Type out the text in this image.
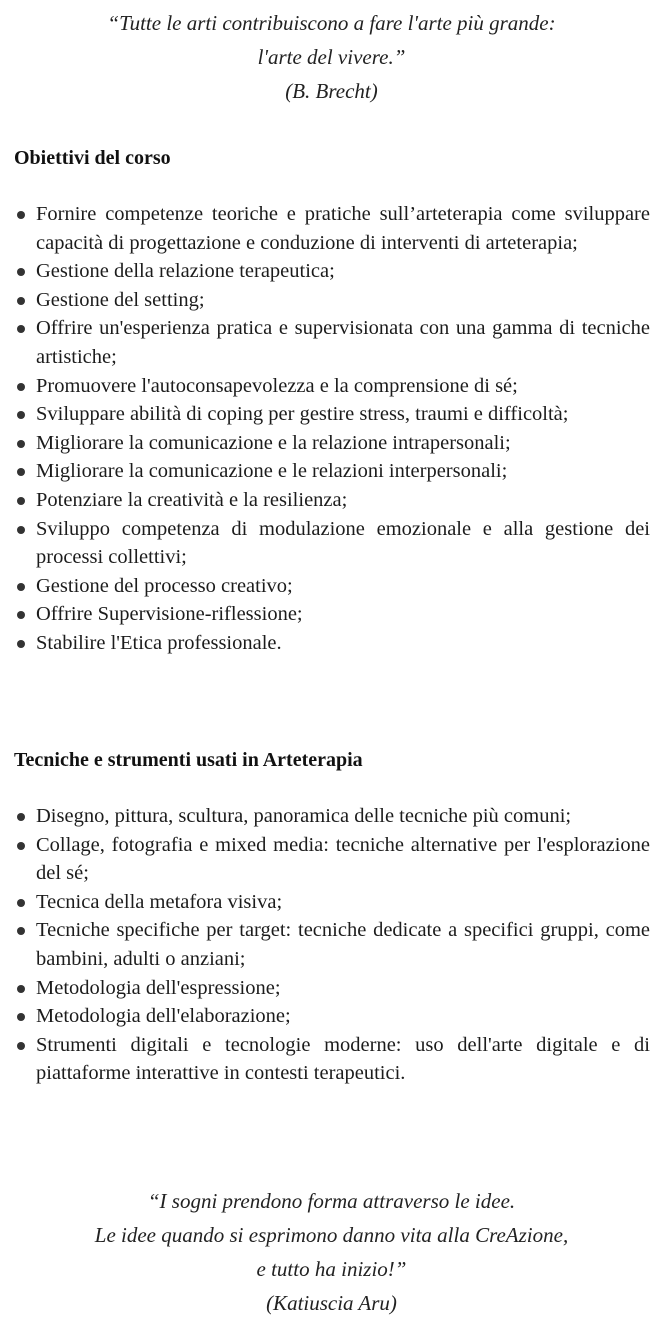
“Tutte le arti contribuiscono a fare l'arte più grande:
l'arte del vivere.”
(B. Brecht)
Obiettivi del corso
Fornire competenze teoriche e pratiche sull’arteterapia come sviluppare capacità di progettazione e conduzione di interventi di arteterapia;
Gestione della relazione terapeutica;
Gestione del setting;
Offrire un'esperienza pratica e supervisionata con una gamma di tecniche artistiche;
Promuovere l'autoconsapevolezza e la comprensione di sé;
Sviluppare abilità di coping per gestire stress, traumi e difficoltà;
Migliorare la comunicazione e la relazione intrapersonali;
Migliorare la comunicazione e le relazioni interpersonali;
Potenziare la creatività e la resilienza;
Sviluppo competenza di modulazione emozionale e alla gestione dei processi collettivi;
Gestione del processo creativo;
Offrire Supervisione-riflessione;
Stabilire l'Etica professionale.
Tecniche e strumenti usati in Arteterapia
Disegno, pittura, scultura, panoramica delle tecniche più comuni;
Collage, fotografia e mixed media: tecniche alternative per l'esplorazione del sé;
Tecnica della metafora visiva;
Tecniche specifiche per target: tecniche dedicate a specifici gruppi, come bambini, adulti o anziani;
Metodologia dell'espressione;
Metodologia dell'elaborazione;
Strumenti digitali e tecnologie moderne: uso dell'arte digitale e di piattaforme interattive in contesti terapeutici.
“I sogni prendono forma attraverso le idee.
Le idee quando si esprimono danno vita alla CreAzione,
e tutto ha inizio!”
(Katiuscia Aru)
